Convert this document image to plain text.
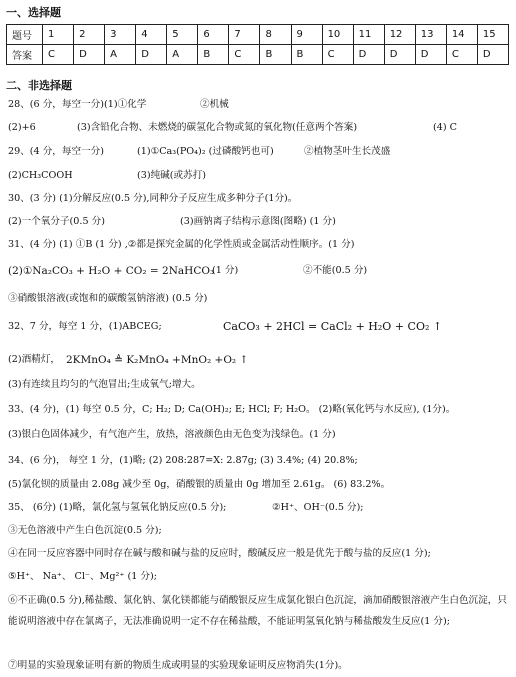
一、选择题
题号	1	2	3	4	5	6	7	8	9	10	11	12	13	14	15
答案	C	D	A	D	A	B	C	B	B	C	D	D	D	C	D
二、非选择题
28、(6 分，每空一分)(1)①化学	②机械
(2)+6	(3)含铅化合物、未燃烧的碳氢化合物或氮的氧化物(任意两个答案)	(4) C
29、(4 分，每空一分)	(1)①Ca₃(PO₄)₂ (过磷酸钙也可)	②植物茎叶生长茂盛
(2)CH₃COOH	(3)纯碱(或苏打)
30、(3 分) (1)分解反应(0.5 分),同种分子反应生成多种分子(1分)。
(2)一个氧分子(0.5 分)	(3)画钠离子结构示意图(图略) (1 分)
31、(4 分) (1) ①B (1 分) ,②都是探究金属的化学性质或金属活动性顺序。(1 分)
(2)①Na₂CO₃ + H₂O + CO₂ = 2NaHCO₃
(1 分)	②不能(0.5 分)
③硝酸银溶液(或饱和的碳酸氢钠溶液) (0.5 分)
32、7 分，每空 1 分，(1)ABCEG;	CaCO₃ + 2HCl = CaCl₂ + H₂O + CO₂ ↑
(2)酒精灯， 2KMnO₄ ≜ K₂MnO₄ +MnO₂ +O₂ ↑
(3)有连续且均匀的气泡冒出;生成氧气;增大。
33、(4 分)，(1) 每空 0.5 分，C; H₂; D; Ca(OH)₂; E; HCl; F; H₂O。 (2)略(氧化钙与水反应), (1分)。
(3)银白色固体减少，有气泡产生，放热，溶液颜色由无色变为浅绿色。(1 分)
34、(6 分)， 每空 1 分，(1)略; (2) 208:287=X: 2.87g; (3) 3.4%; (4) 20.8%;
(5)氯化钡的质量由 2.08g 减少至 0g，硝酸银的质量由 0g 增加至 2.61g。 (6) 83.2%。
35、 (6分) (1)略，氯化氢与氢氧化钠反应(0.5 分);	②H⁺、OH⁻(0.5 分);
③无色溶液中产生白色沉淀(0.5 分);
④在同一反应容器中同时存在碱与酸和碱与盐的反应时，酸碱反应一般是优先于酸与盐的反应(1 分);
⑤H⁺、 Na⁺、 Cl⁻、Mg²⁺ (1 分);
⑥不正确(0.5 分),稀盐酸、氯化钠、氯化镁都能与硝酸银反应生成氯化银白色沉淀，滴加硝酸银溶液产生白色沉淀，只能说明溶液中存在氯离子，无法准确说明一定不存在稀盐酸，不能证明氢氧化钠与稀盐酸发生反应(1 分);
⑦明显的实验现象证明有新的物质生成或明显的实验现象证明反应物消失(1分)。
